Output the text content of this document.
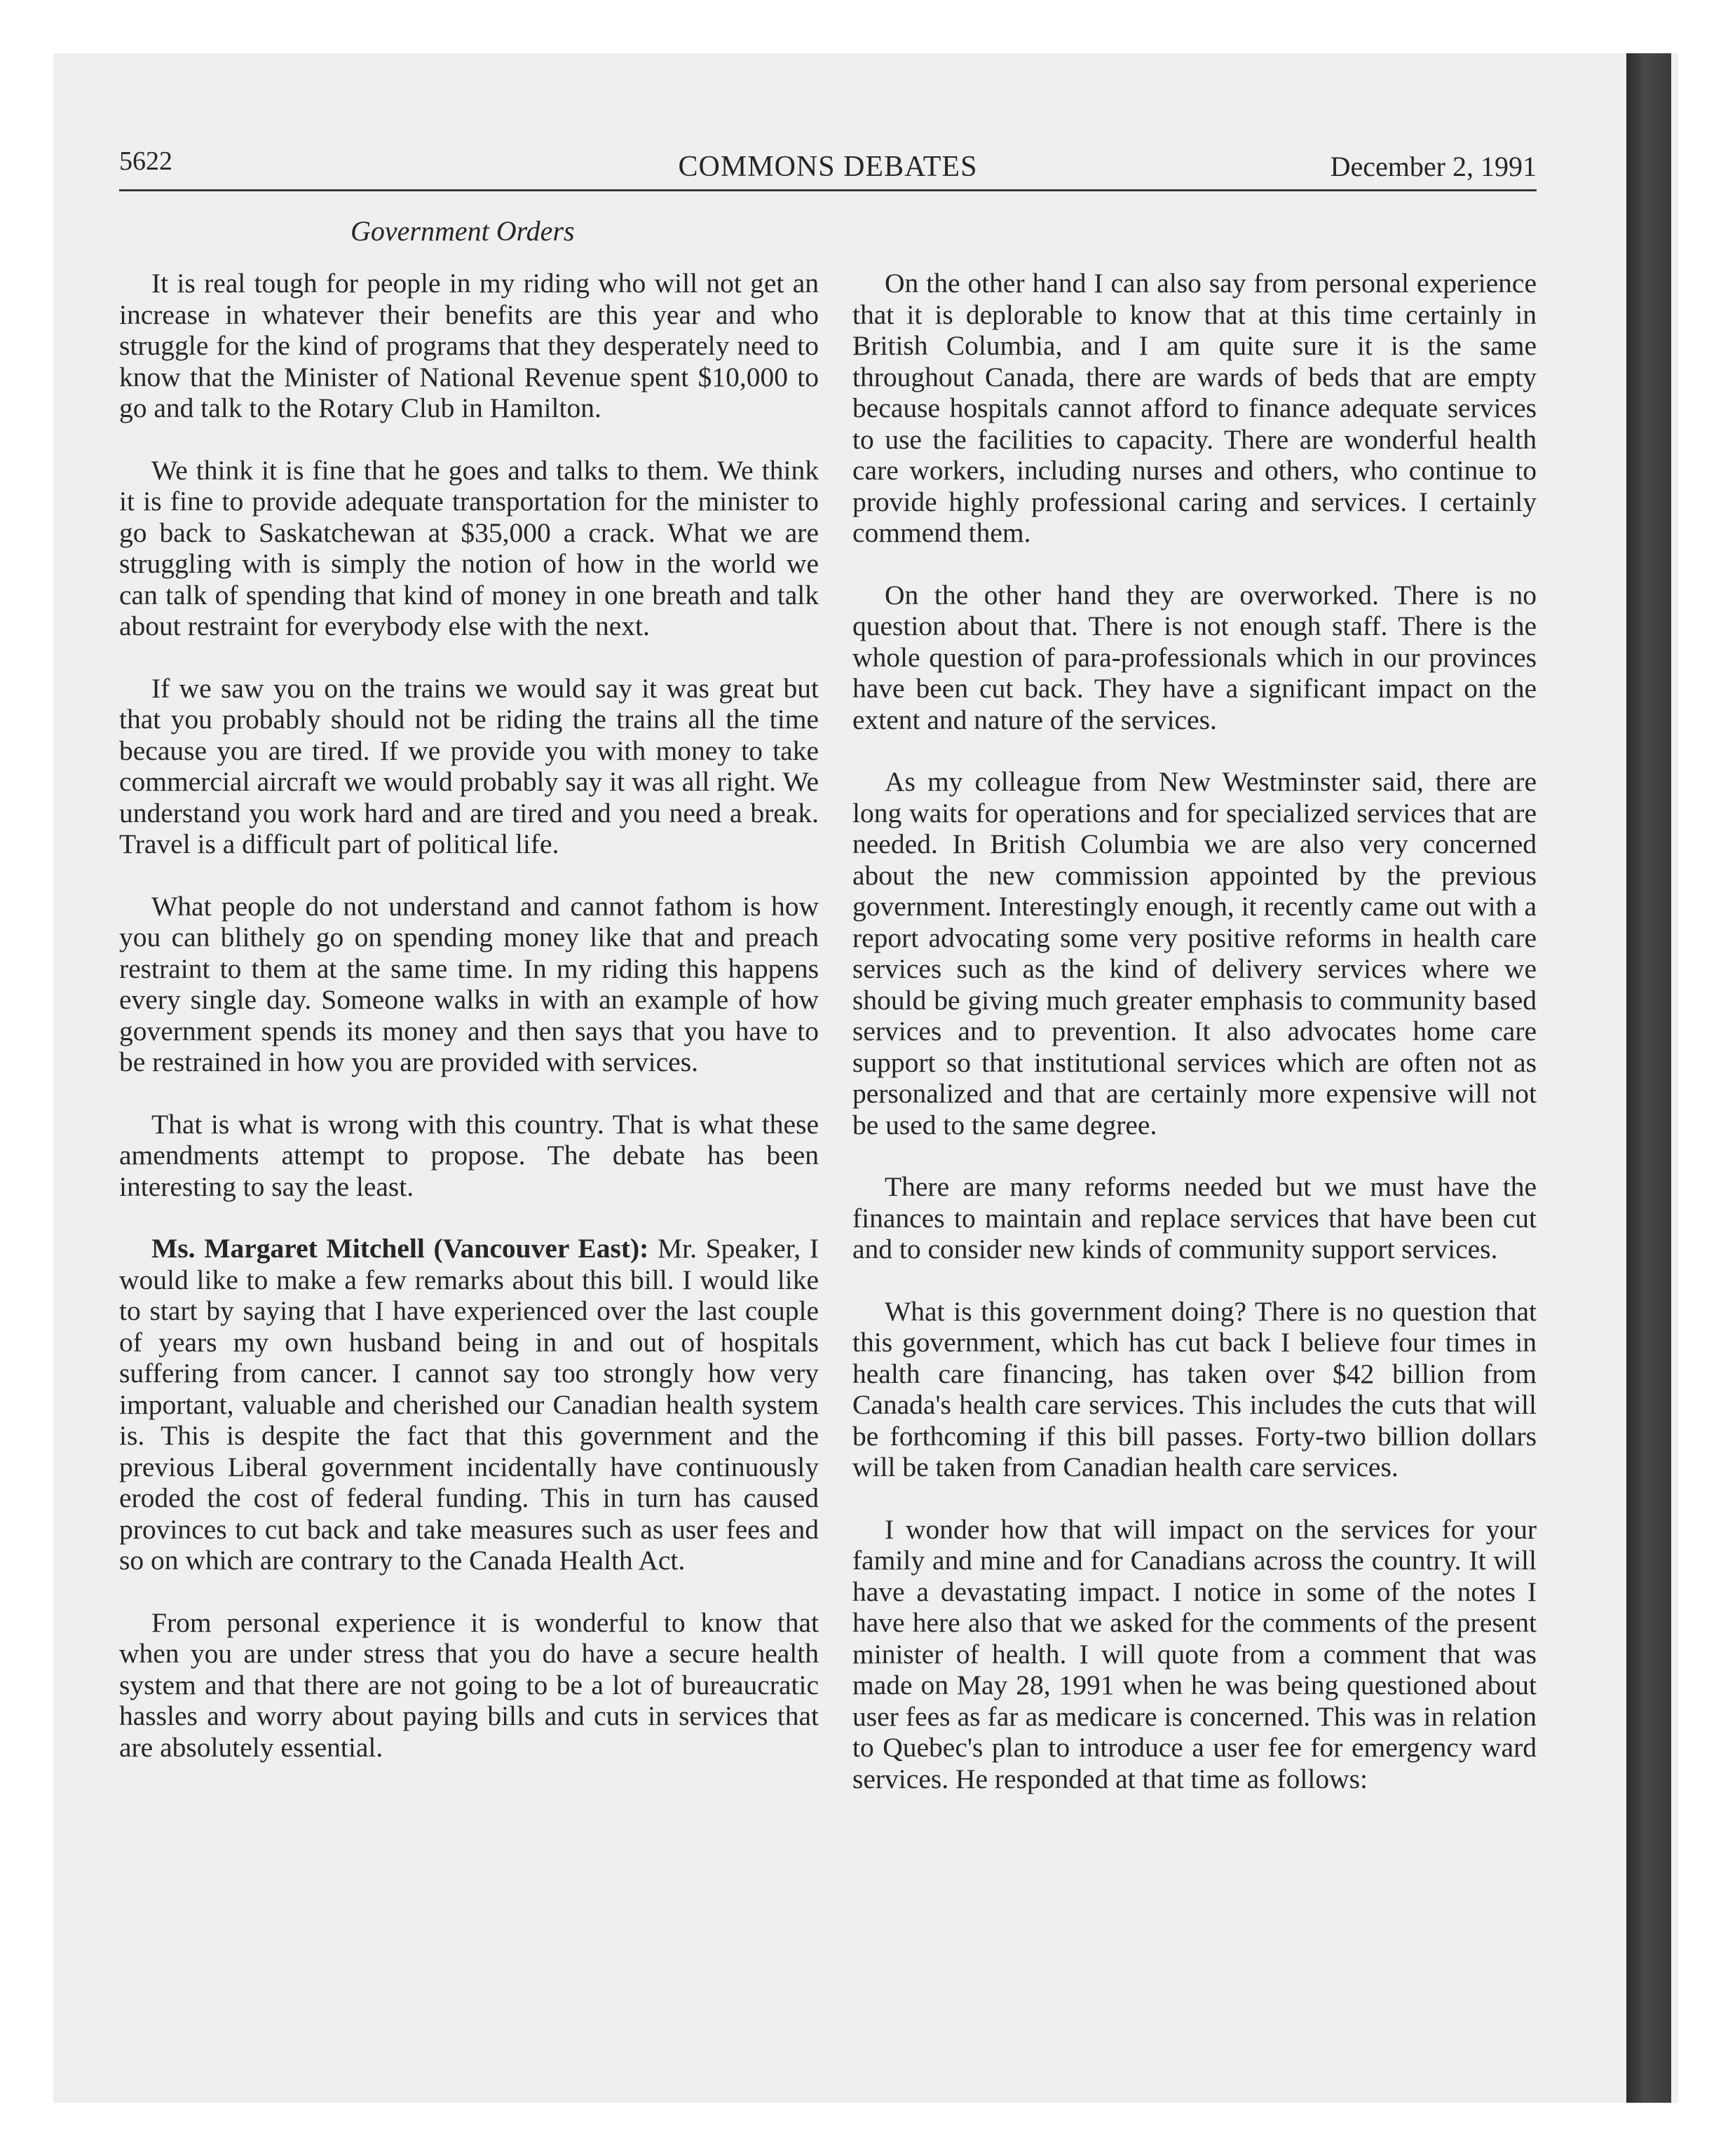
5622	COMMONS DEBATES	December 2, 1991
Government Orders

It is real tough for people in my riding who will not get an increase in whatever their benefits are this year and who struggle for the kind of programs that they desperately need to know that the Minister of National Revenue spent $10,000 to go and talk to the Rotary Club in Hamilton.

We think it is fine that he goes and talks to them. We think it is fine to provide adequate transportation for the minister to go back to Saskatchewan at $35,000 a crack. What we are struggling with is simply the notion of how in the world we can talk of spending that kind of money in one breath and talk about restraint for everybody else with the next.

If we saw you on the trains we would say it was great but that you probably should not be riding the trains all the time because you are tired. If we provide you with money to take commercial aircraft we would probably say it was all right. We understand you work hard and are tired and you need a break. Travel is a difficult part of political life.

What people do not understand and cannot fathom is how you can blithely go on spending money like that and preach restraint to them at the same time. In my riding this happens every single day. Someone walks in with an example of how government spends its money and then says that you have to be restrained in how you are provided with services.

That is what is wrong with this country. That is what these amendments attempt to propose. The debate has been interesting to say the least.

Ms. Margaret Mitchell (Vancouver East): Mr. Speaker, I would like to make a few remarks about this bill. I would like to start by saying that I have experienced over the last couple of years my own husband being in and out of hospitals suffering from cancer. I cannot say too strongly how very important, valuable and cherished our Canadian health system is. This is despite the fact that this government and the previous Liberal government incidentally have continuously eroded the cost of federal funding. This in turn has caused provinces to cut back and take measures such as user fees and so on which are contrary to the Canada Health Act.

From personal experience it is wonderful to know that when you are under stress that you do have a secure health system and that there are not going to be a lot of bureaucratic hassles and worry about paying bills and cuts in services that are absolutely essential.

On the other hand I can also say from personal experience that it is deplorable to know that at this time certainly in British Columbia, and I am quite sure it is the same throughout Canada, there are wards of beds that are empty because hospitals cannot afford to finance adequate services to use the facilities to capacity. There are wonderful health care workers, including nurses and others, who continue to provide highly professional caring and services. I certainly commend them.

On the other hand they are overworked. There is no question about that. There is not enough staff. There is the whole question of para-professionals which in our provinces have been cut back. They have a significant impact on the extent and nature of the services.

As my colleague from New Westminster said, there are long waits for operations and for specialized services that are needed. In British Columbia we are also very concerned about the new commission appointed by the previous government. Interestingly enough, it recently came out with a report advocating some very positive reforms in health care services such as the kind of delivery services where we should be giving much greater emphasis to community based services and to prevention. It also advocates home care support so that institutional services which are often not as personalized and that are certainly more expensive will not be used to the same degree.

There are many reforms needed but we must have the finances to maintain and replace services that have been cut and to consider new kinds of community support services.

What is this government doing? There is no question that this government, which has cut back I believe four times in health care financing, has taken over $42 billion from Canada's health care services. This includes the cuts that will be forthcoming if this bill passes. Forty-two billion dollars will be taken from Canadian health care services.

I wonder how that will impact on the services for your family and mine and for Canadians across the country. It will have a devastating impact. I notice in some of the notes I have here also that we asked for the comments of the present minister of health. I will quote from a comment that was made on May 28, 1991 when he was being questioned about user fees as far as medicare is concerned. This was in relation to Quebec's plan to introduce a user fee for emergency ward services. He responded at that time as follows:
